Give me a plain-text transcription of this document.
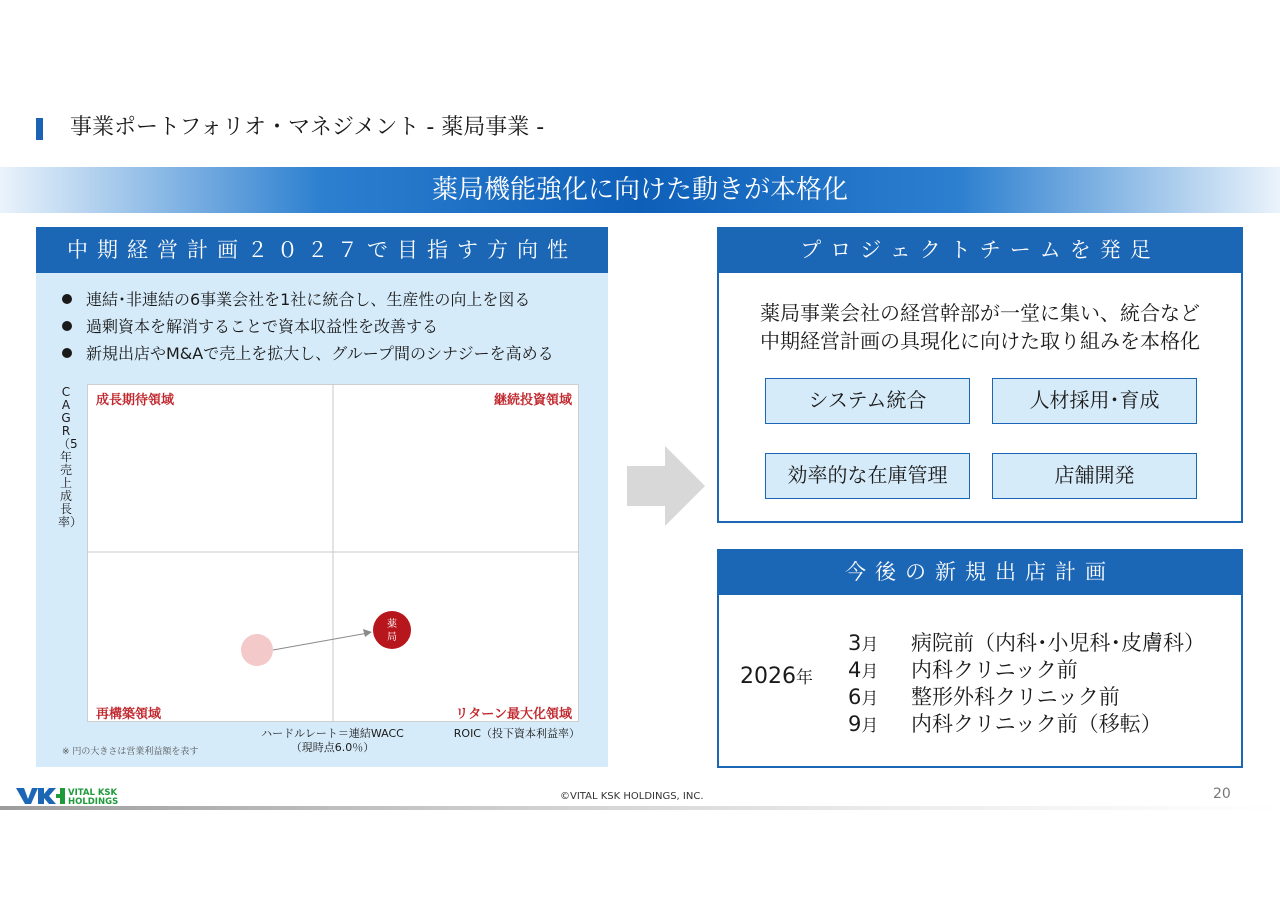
事業ポートフォリオ・マネジメント - 薬局事業 -
薬局機能強化に向けた動きが本格化
中期経営計画２０２７で目指す方向性
連結･非連結の6事業会社を1社に統合し、生産性の向上を図る
過剰資本を解消することで資本収益性を改善する
新規出店やM&Aで売上を拡大し、グループ間のシナジーを高める
CAGR（5年売上成長率）
薬
局
成長期待領域	継続投資領域
再構築領域	リターン最大化領域
ハードルレート＝連結WACC
（現時点6.0％）
ROIC（投下資本利益率）
※ 円の大きさは営業利益額を表す
プロジェクトチームを発足
薬局事業会社の経営幹部が一堂に集い、統合など
中期経営計画の具現化に向けた取り組みを本格化
システム統合	人材採用･育成
効率的な在庫管理	店舗開発
今後の新規出店計画
2026年
3月 病院前（内科･小児科･皮膚科）
4月 内科クリニック前
6月 整形外科クリニック前
9月 内科クリニック前（移転）
VITAL KSK
HOLDINGS	©VITAL KSK HOLDINGS, INC.	20
